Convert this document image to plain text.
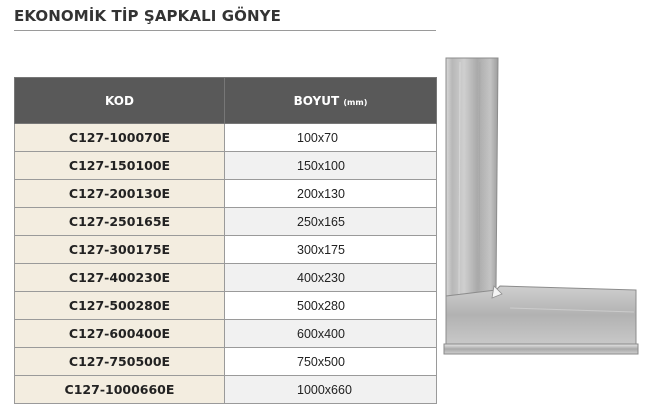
EKONOMİK TİP ŞAPKALI GÖNYE
KOD	BOYUT (mm)
C127-100070E	100x70
C127-150100E	150x100
C127-200130E	200x130
C127-250165E	250x165
C127-300175E	300x175
C127-400230E	400x230
C127-500280E	500x280
C127-600400E	600x400
C127-750500E	750x500
C127-1000660E	1000x660
